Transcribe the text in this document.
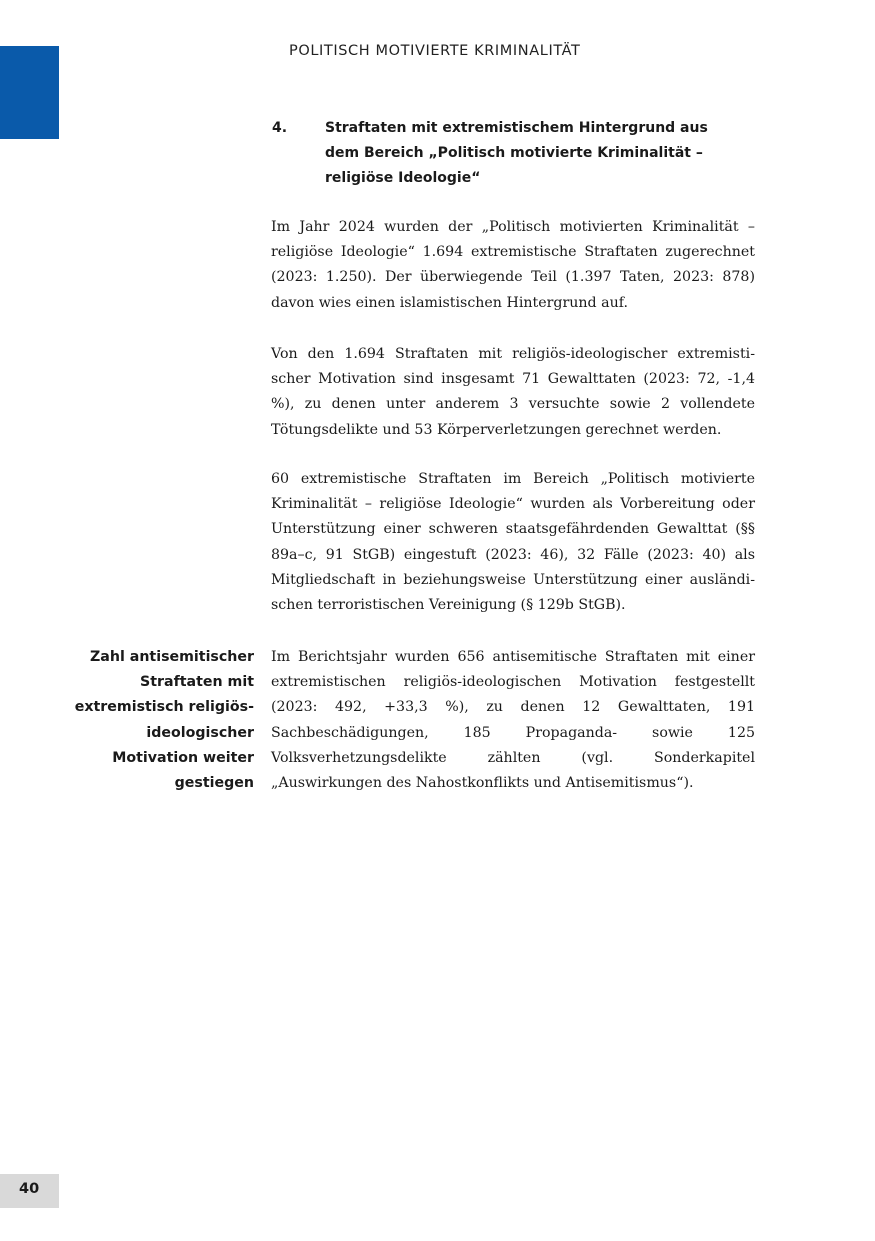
POLITISCH MOTIVIERTE KRIMINALITÄT
4.	Straftaten mit extremistischem Hintergrund aus dem Bereich „Politisch motivierte Kriminalität – religiöse Ideologie“

Im Jahr 2024 wurden der „Politisch motivierten Kriminalität – religiöse Ideologie“ 1.694 extremistische Straftaten zugerechnet (2023: 1.250). Der überwiegende Teil (1.397 Taten, 2023: 878) davon wies einen islamistischen Hintergrund auf.

Von den 1.694 Straftaten mit religiös-ideologischer extremistischer Motivation sind insgesamt 71 Gewalttaten (2023: 72, -1,4 %), zu denen unter anderem 3 versuchte sowie 2 vollendete Tötungsdelikte und 53 Körperverletzungen gerechnet werden.

60 extremistische Straftaten im Bereich „Politisch motivierte Kriminalität – religiöse Ideologie“ wurden als Vorbereitung oder Unterstützung einer schweren staatsgefährdenden Gewalttat (§§ 89a–c, 91 StGB) eingestuft (2023: 46), 32 Fälle (2023: 40) als Mitgliedschaft in beziehungsweise Unterstützung einer ausländischen terroristischen Vereinigung (§ 129b StGB).

Zahl antisemitischer Straftaten mit extremistisch religiös-ideologischer Motivation weiter gestiegen

Im Berichtsjahr wurden 656 antisemitische Straftaten mit einer extremistischen religiös-ideologischen Motivation festgestellt (2023: 492, +33,3 %), zu denen 12 Gewalttaten, 191 Sachbeschädigungen, 185 Propaganda- sowie 125 Volksverhetzungsdelikte zählten (vgl. Sonderkapitel „Auswirkungen des Nahostkonflikts und Antisemitismus“).

40
